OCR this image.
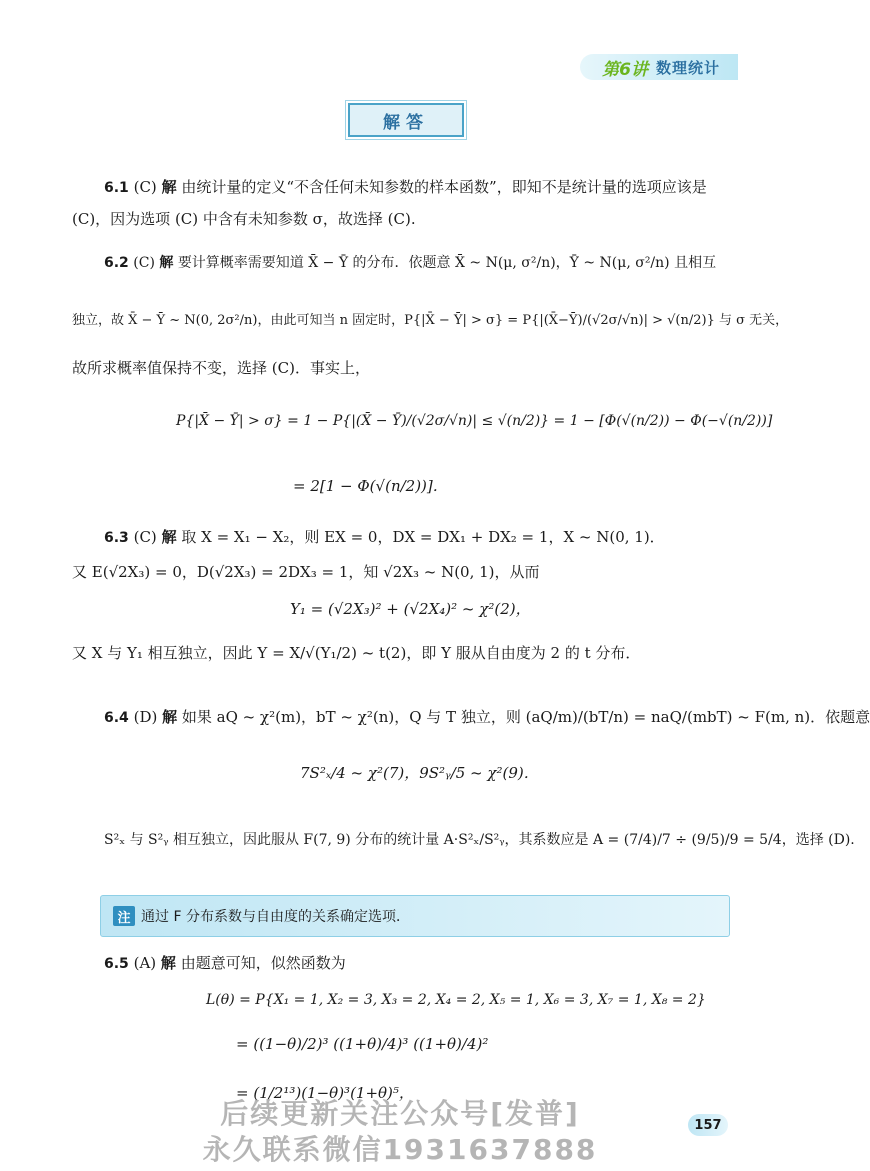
第6讲 数理统计
解答
6.1 (C) 解 由统计量的定义“不含任何未知参数的样本函数”，即知不是统计量的选项应该是
(C)，因为选项 (C) 中含有未知参数 σ，故选择 (C).
6.2 (C) 解 要计算概率需要知道 X̄ − Ȳ 的分布．依题意 X̄ ~ N(μ, σ²/n)，Ȳ ~ N(μ, σ²/n) 且相互
独立，故 X̄ − Ȳ ~ N(0, 2σ²/n)，由此可知当 n 固定时，P{|X̄ − Ȳ| > σ} = P{|(X̄−Ȳ)/(√2σ/√n)| > √(n/2)} 与 σ 无关，
故所求概率值保持不变，选择 (C)．事实上，
P{|X̄ − Ȳ| > σ} = 1 − P{|(X̄ − Ȳ)/(√2σ/√n)| ≤ √(n/2)} = 1 − [Φ(√(n/2)) − Φ(−√(n/2))]
= 2[1 − Φ(√(n/2))]．
6.3 (C) 解 取 X = X₁ − X₂，则 EX = 0，DX = DX₁ + DX₂ = 1，X ~ N(0, 1)．
又 E(√2X₃) = 0，D(√2X₃) = 2DX₃ = 1，知 √2X₃ ~ N(0, 1)，从而
Y₁ = (√2X₃)² + (√2X₄)² ~ χ²(2)，
又 X 与 Y₁ 相互独立，因此 Y = X/√(Y₁/2) ~ t(2)，即 Y 服从自由度为 2 的 t 分布．
6.4 (D) 解 如果 aQ ~ χ²(m)，bT ~ χ²(n)，Q 与 T 独立，则 (aQ/m)/(bT/n) = naQ/(mbT) ~ F(m, n)．依题意
7S²ₓ/4 ~ χ²(7)，9S²ᵧ/5 ~ χ²(9)．
S²ₓ 与 S²ᵧ 相互独立，因此服从 F(7, 9) 分布的统计量 A·S²ₓ/S²ᵧ，其系数应是 A = (7/4)/7 ÷ (9/5)/9 = 5/4，选择 (D).
注 通过 F 分布系数与自由度的关系确定选项．
6.5 (A) 解 由题意可知，似然函数为
L(θ) = P{X₁ = 1, X₂ = 3, X₃ = 2, X₄ = 2, X₅ = 1, X₆ = 3, X₇ = 1, X₈ = 2}
= ((1−θ)/2)³ ((1+θ)/4)³ ((1+θ)/4)²
= (1/2¹³)(1−θ)³(1+θ)⁵，
后续更新关注公众号[发普]
永久联系微信1931637888
157
